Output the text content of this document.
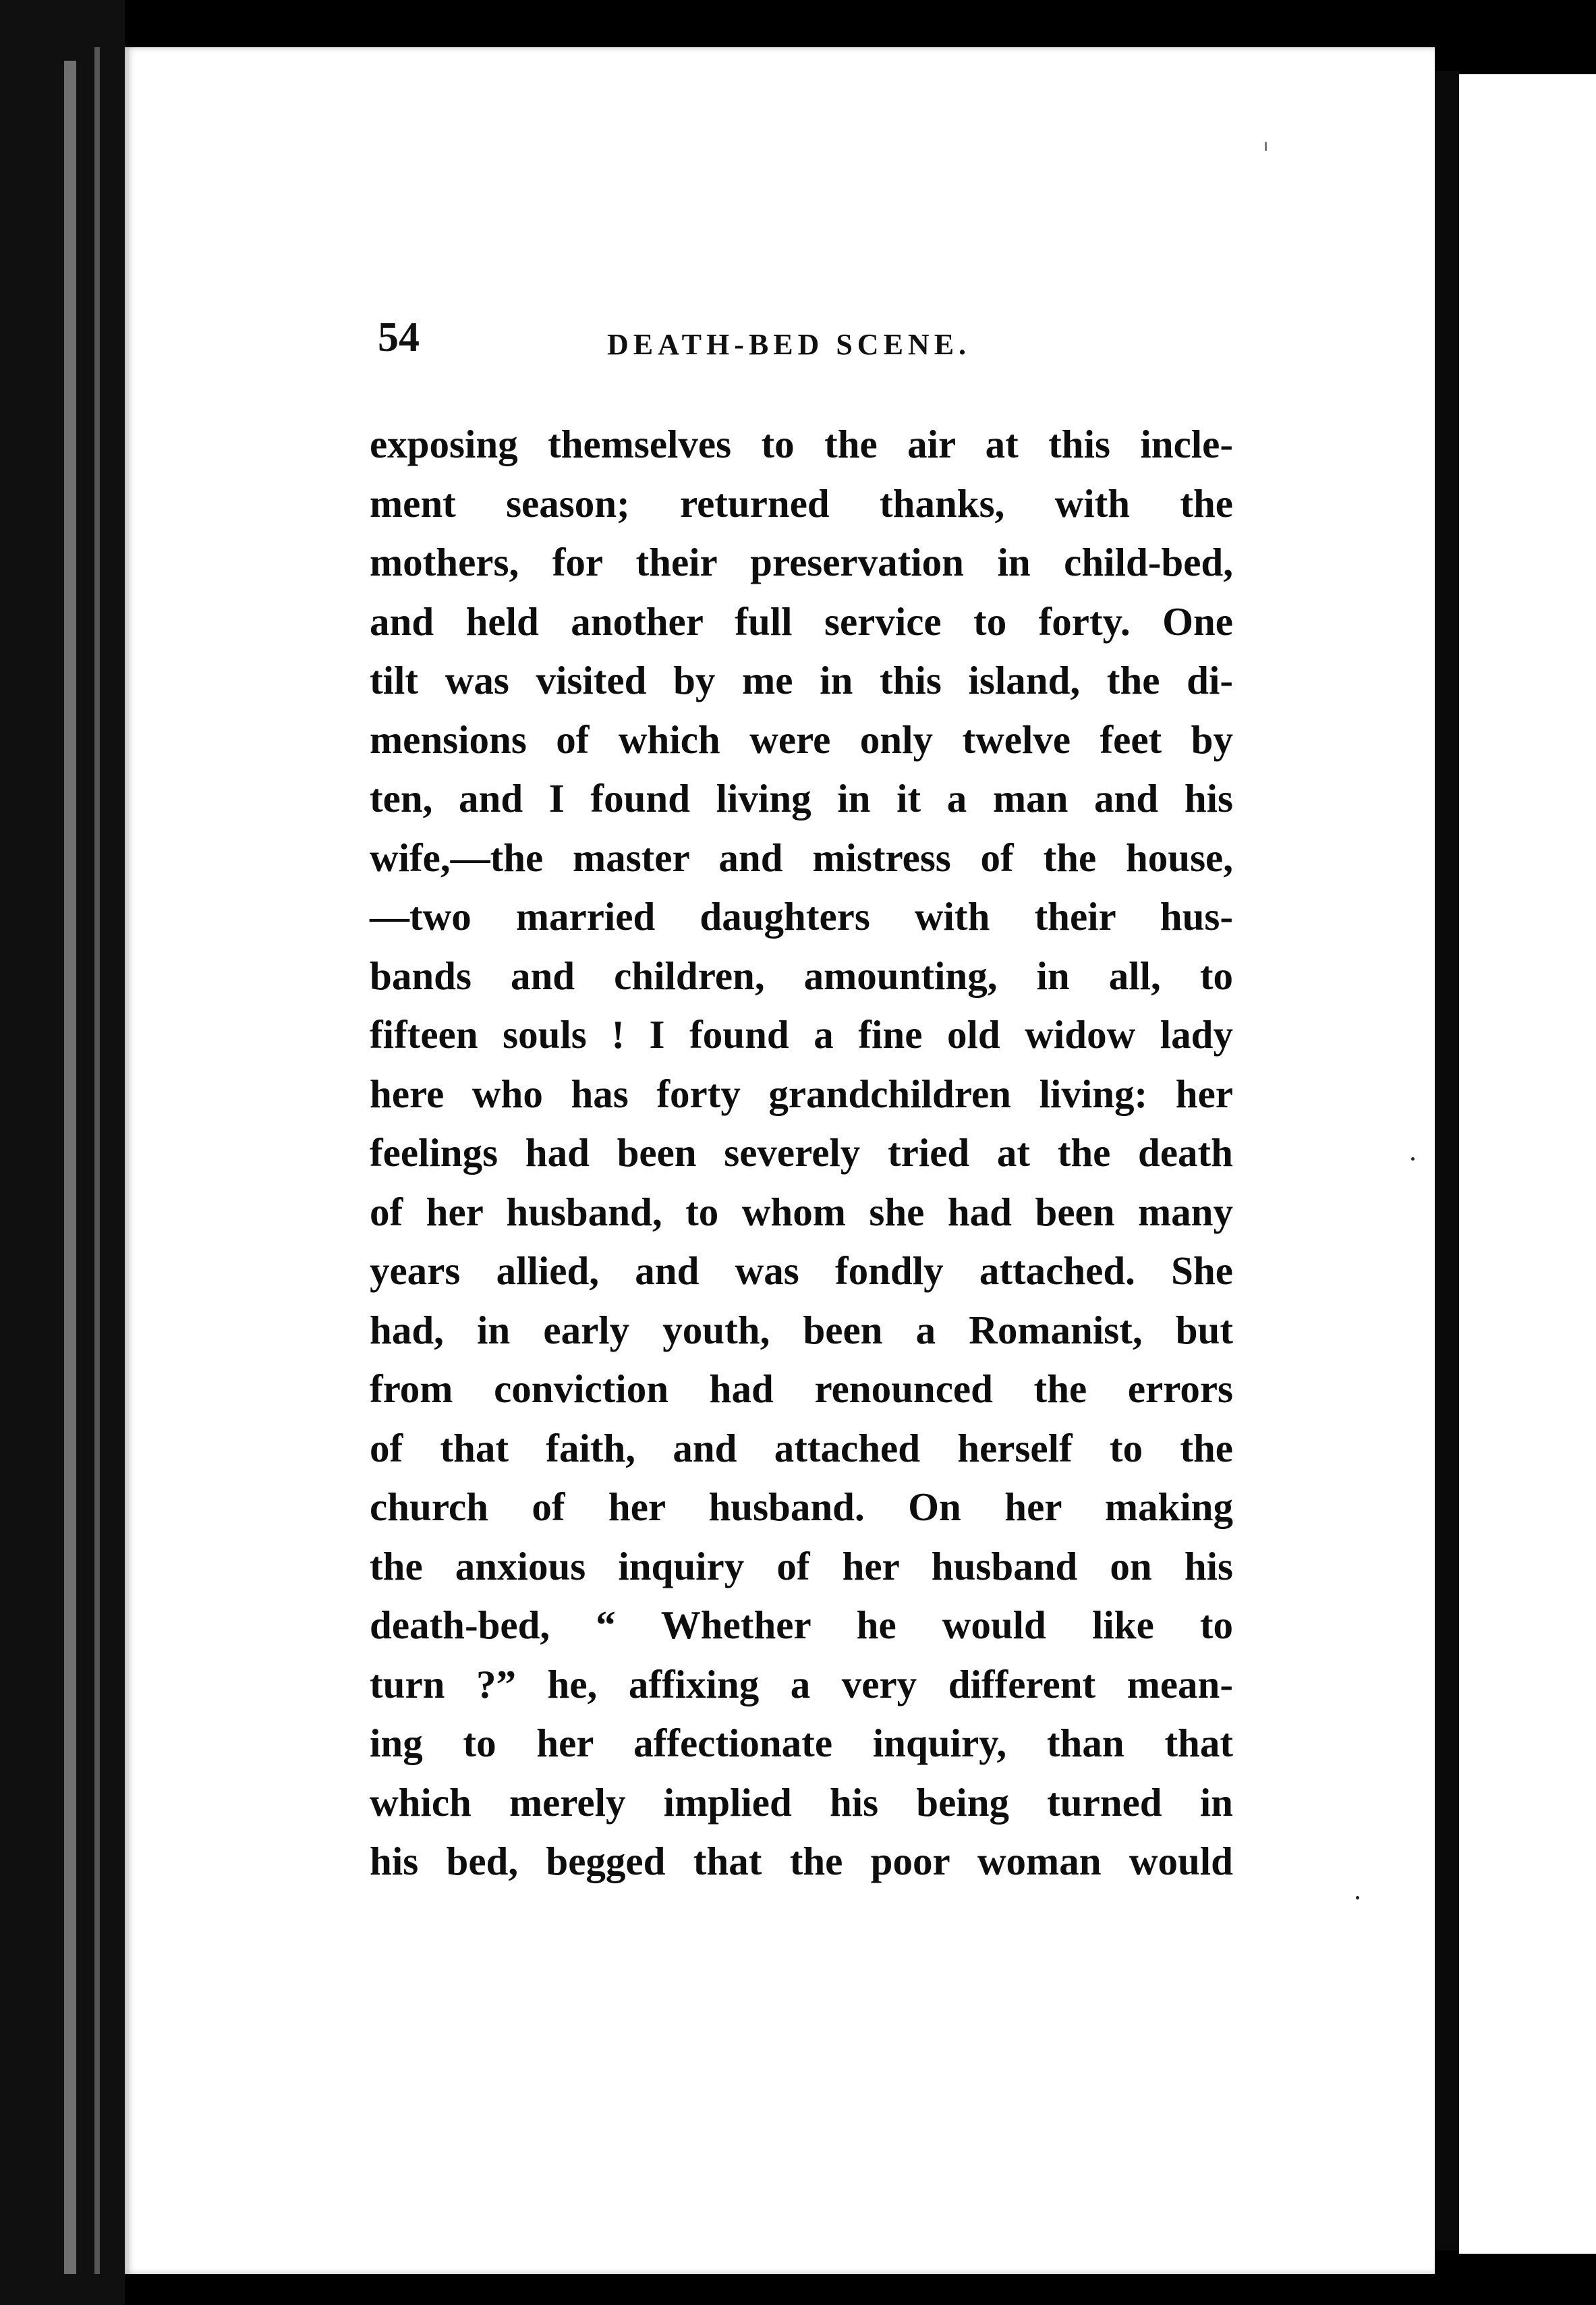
54	DEATH-BED SCENE.
exposing themselves to the air at this incle-
ment season; returned thanks, with the
mothers, for their preservation in child-bed,
and held another full service to forty. One
tilt was visited by me in this island, the di-
mensions of which were only twelve feet by
ten, and I found living in it a man and his
wife,—the master and mistress of the house,
—two married daughters with their hus-
bands and children, amounting, in all, to
fifteen souls ! I found a fine old widow lady
here who has forty grandchildren living: her
feelings had been severely tried at the death
of her husband, to whom she had been many
years allied, and was fondly attached. She
had, in early youth, been a Romanist, but
from conviction had renounced the errors
of that faith, and attached herself to the
church of her husband. On her making
the anxious inquiry of her husband on his
death-bed, “ Whether he would like to
turn ?” he, affixing a very different mean-
ing to her affectionate inquiry, than that
which merely implied his being turned in
his bed, begged that the poor woman would
